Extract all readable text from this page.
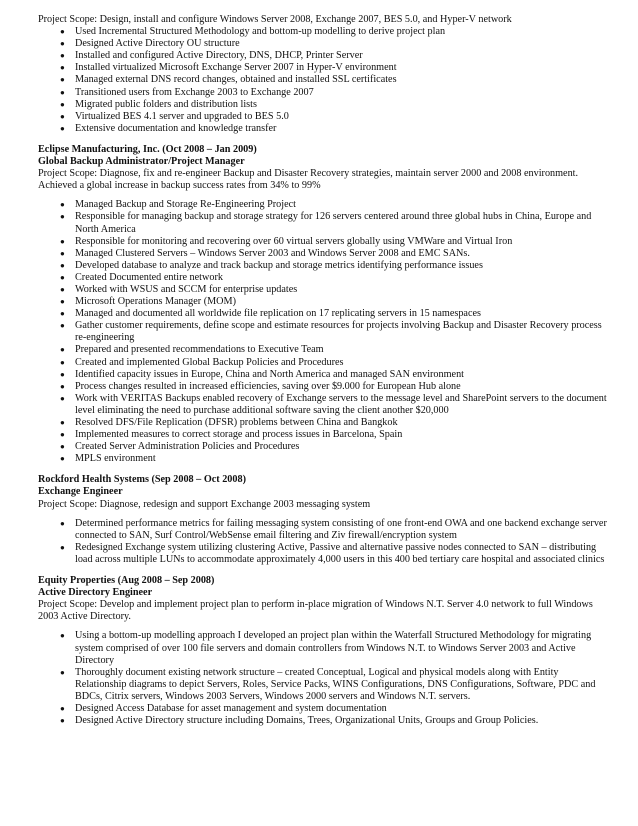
Project Scope: Design, install and configure Windows Server 2008, Exchange 2007, BES 5.0, and Hyper-V network

● Used Incremental Structured Methodology and bottom-up modelling to derive project plan
● Designed Active Directory OU structure
● Installed and configured Active Directory, DNS, DHCP, Printer Server
● Installed virtualized Microsoft Exchange Server 2007 in Hyper-V environment
● Managed external DNS record changes, obtained and installed SSL certificates
● Transitioned users from Exchange 2003 to Exchange 2007
● Migrated public folders and distribution lists
● Virtualized BES 4.1 server and upgraded to BES 5.0
● Extensive documentation and knowledge transfer

Eclipse Manufacturing, Inc. (Oct 2008 – Jan 2009)

Global Backup Administrator/Project Manager

Project Scope: Diagnose, fix and re-engineer Backup and Disaster Recovery strategies, maintain server 2000 and 2008 environment. Achieved a global increase in backup success rates from 34% to 99%

● Managed Backup and Storage Re-Engineering Project
● Responsible for managing backup and storage strategy for 126 servers centered around three global hubs in China, Europe and North America
● Responsible for monitoring and recovering over 60 virtual servers globally using VMWare and Virtual Iron
● Managed Clustered Servers – Windows Server 2003 and Windows Server 2008 and EMC SANs.
● Developed database to analyze and track backup and storage metrics identifying performance issues
● Created Documented entire network
● Worked with WSUS and SCCM for enterprise updates
● Microsoft Operations Manager (MOM)
● Managed and documented all worldwide file replication on 17 replicating servers in 15 namespaces
● Gather customer requirements, define scope and estimate resources for projects involving Backup and Disaster Recovery process re-engineering
● Prepared and presented recommendations to Executive Team
● Created and implemented Global Backup Policies and Procedures
● Identified capacity issues in Europe, China and North America and managed SAN environment
● Process changes resulted in increased efficiencies, saving over $9.000 for European Hub alone
● Work with VERITAS Backups enabled recovery of Exchange servers to the message level and SharePoint servers to the document level eliminating the need to purchase additional software saving the client another $20,000
● Resolved DFS/File Replication (DFSR) problems between China and Bangkok
● Implemented measures to correct storage and process issues in Barcelona, Spain
● Created Server Administration Policies and Procedures
● MPLS environment

Rockford Health Systems (Sep 2008 – Oct 2008)

Exchange Engineer

Project Scope: Diagnose, redesign and support Exchange 2003 messaging system

● Determined performance metrics for failing messaging system consisting of one front-end OWA and one backend exchange server connected to SAN, Surf Control/WebSense email filtering and Ziv firewall/encryption system
● Redesigned Exchange system utilizing clustering Active, Passive and alternative passive nodes connected to SAN – distributing load across multiple LUNs to accommodate approximately 4,000 users in this 400 bed tertiary care hospital and associated clinics

Equity Properties (Aug 2008 – Sep 2008)

Active Directory Engineer

Project Scope: Develop and implement project plan to perform in-place migration of Windows N.T. Server 4.0 network to full Windows 2003 Active Directory.

● Using a bottom-up modelling approach I developed an project plan within the Waterfall Structured Methodology for migrating system comprised of over 100 file servers and domain controllers from Windows N.T. to Windows Server 2003 and Active Directory
● Thoroughly document existing network structure – created Conceptual, Logical and physical models along with Entity Relationship diagrams to depict Servers, Roles, Service Packs, WINS Configurations, DNS Configurations, Software, PDC and BDCs, Citrix servers, Windows 2003 Servers, Windows 2000 servers and Windows N.T. servers.
● Designed Access Database for asset management and system documentation
● Designed Active Directory structure including Domains, Trees, Organizational Units, Groups and Group Policies.
